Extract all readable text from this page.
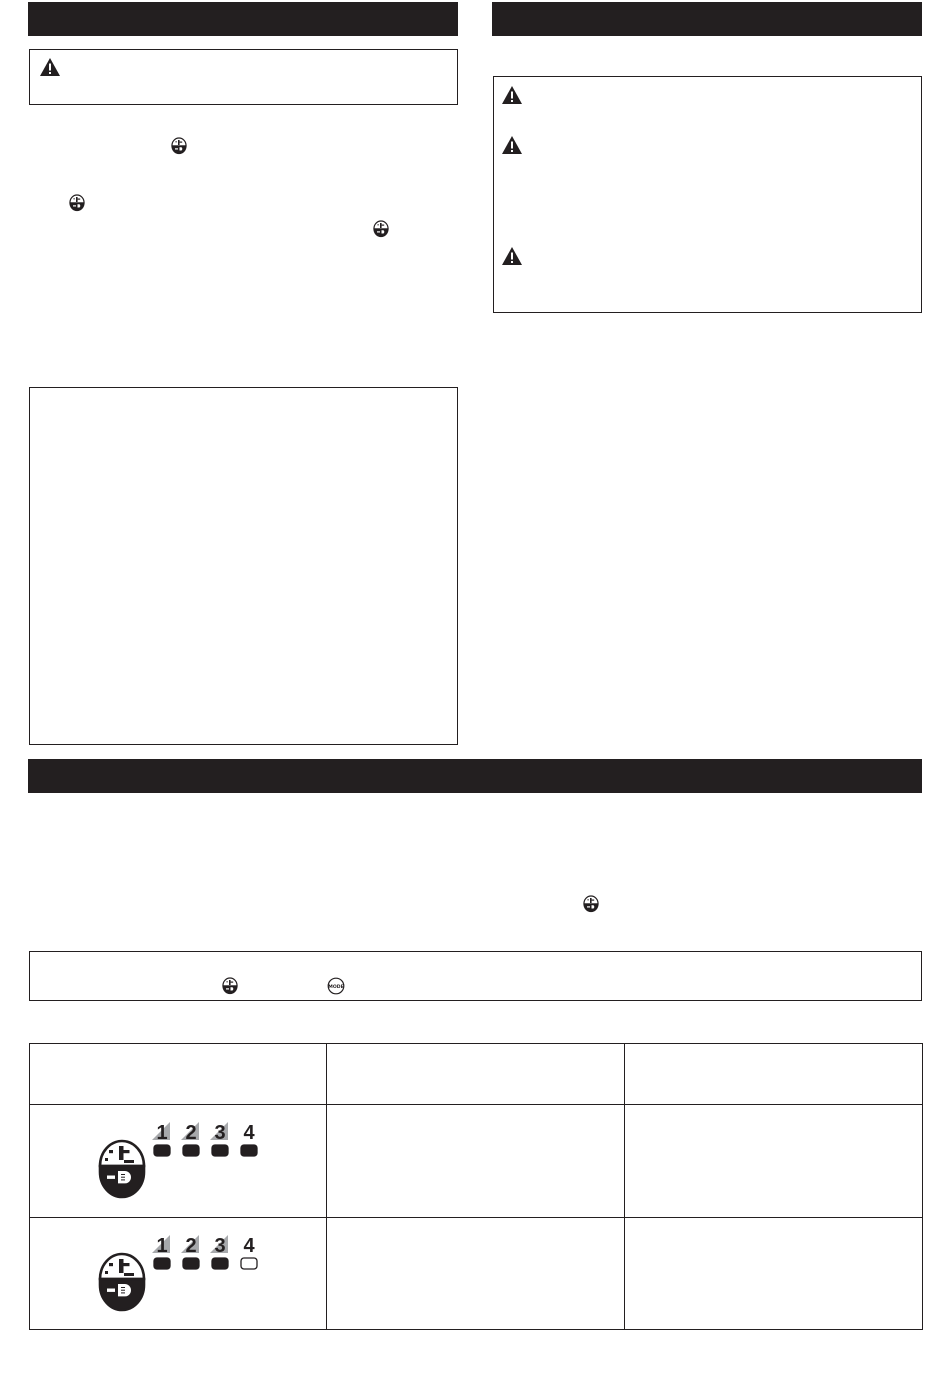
1 2 3 4		

1 2 3 4		
